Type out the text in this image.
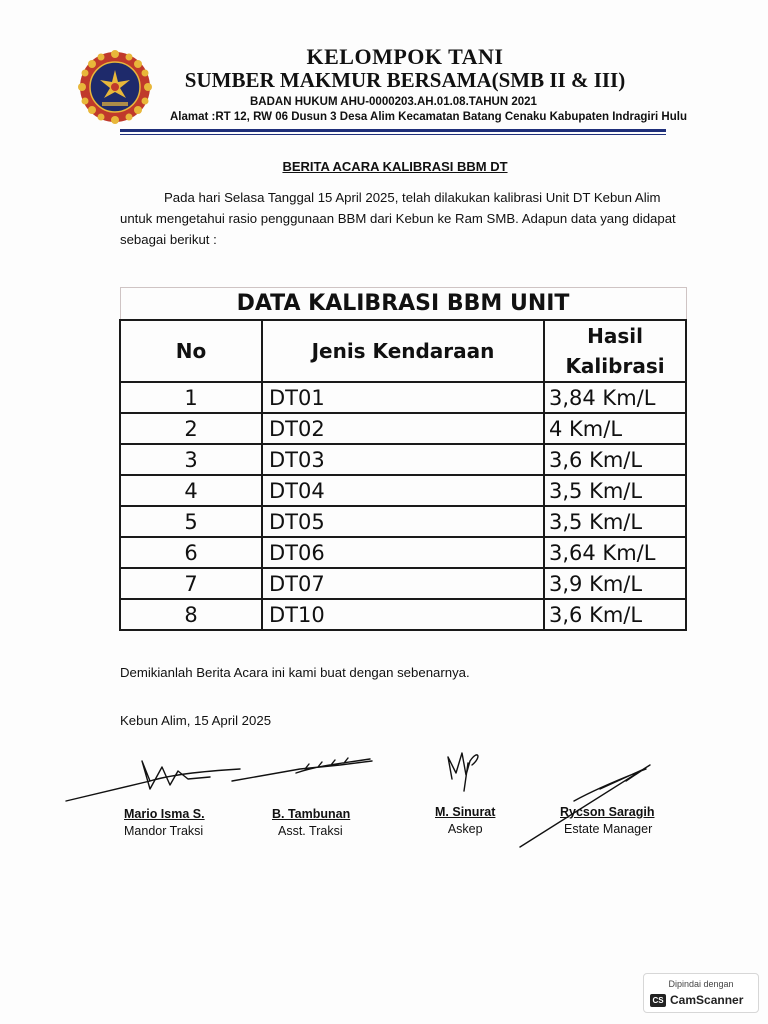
KELOMPOK TANI
SUMBER MAKMUR BERSAMA(SMB II & III)
BADAN HUKUM AHU-0000203.AH.01.08.TAHUN 2021
Alamat :RT 12, RW 06 Dusun 3 Desa Alim Kecamatan Batang Cenaku Kabupaten Indragiri Hulu
BERITA ACARA KALIBRASI BBM DT
Pada hari Selasa Tanggal 15 April 2025, telah dilakukan kalibrasi Unit DT Kebun Alim untuk mengetahui rasio penggunaan BBM dari Kebun ke Ram SMB. Adapun data yang didapat sebagai berikut :
DATA KALIBRASI BBM UNIT		
No	Jenis Kendaraan	Hasil
Kalibrasi
1	DT01	3,84 Km/L
2	DT02	4 Km/L
3	DT03	3,6 Km/L
4	DT04	3,5 Km/L
5	DT05	3,5 Km/L
6	DT06	3,64 Km/L
7	DT07	3,9 Km/L
8	DT10	3,6 Km/L
Demikianlah Berita Acara ini kami buat dengan sebenarnya.
Kebun Alim, 15 April 2025
Mario Isma S.
Mandor Traksi
B. Tambunan
Asst. Traksi
M. Sinurat
Askep
Rycson Saragih
Estate Manager
Dipindai dengan
CS CamScanner
